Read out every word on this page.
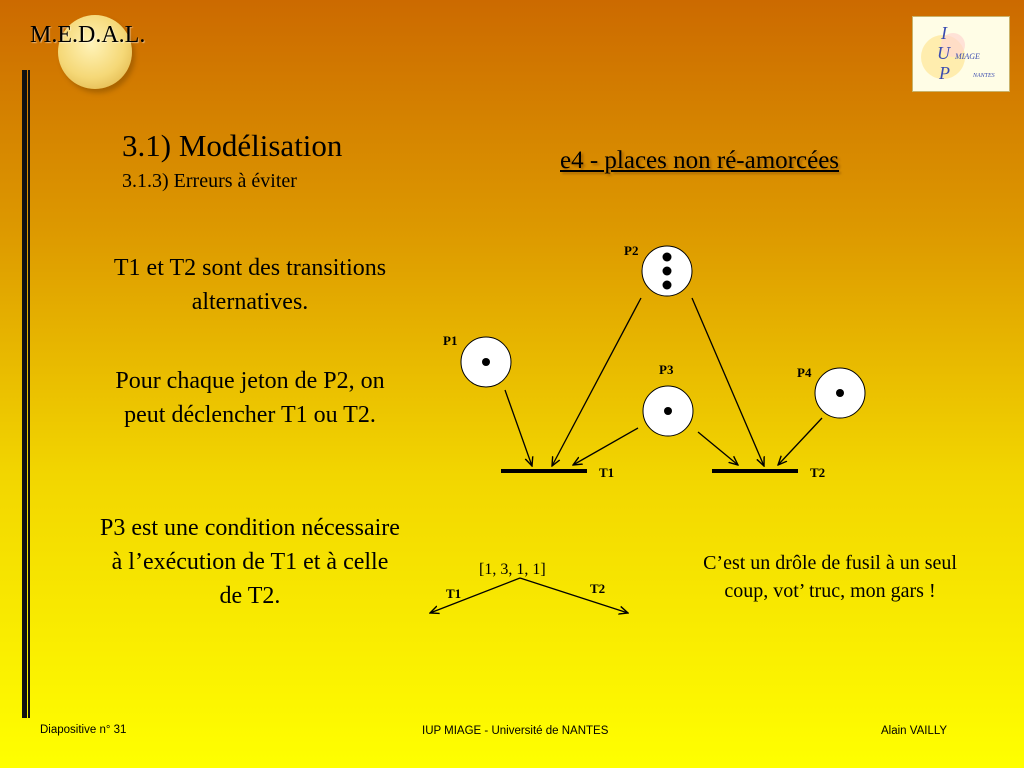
M.E.D.A.L.	I
U MIAGE
P	NANTES
3.1) Modélisation
3.1.3) Erreurs à éviter
e4 - places non ré-amorcées
T1 et T2 sont des transitions alternatives.
Pour chaque jeton de P2, on peut déclencher T1 ou T2.
P3 est une condition nécessaire à l’exécution de T1 et à celle de T2.
P1
P2
P3	P4
T1	T2
[1, 3, 1, 1]
T1	T2
C’est un drôle de fusil à un seul coup, vot’ truc, mon gars !
Diapositive n° 31	IUP MIAGE - Université de NANTES	Alain VAILLY
